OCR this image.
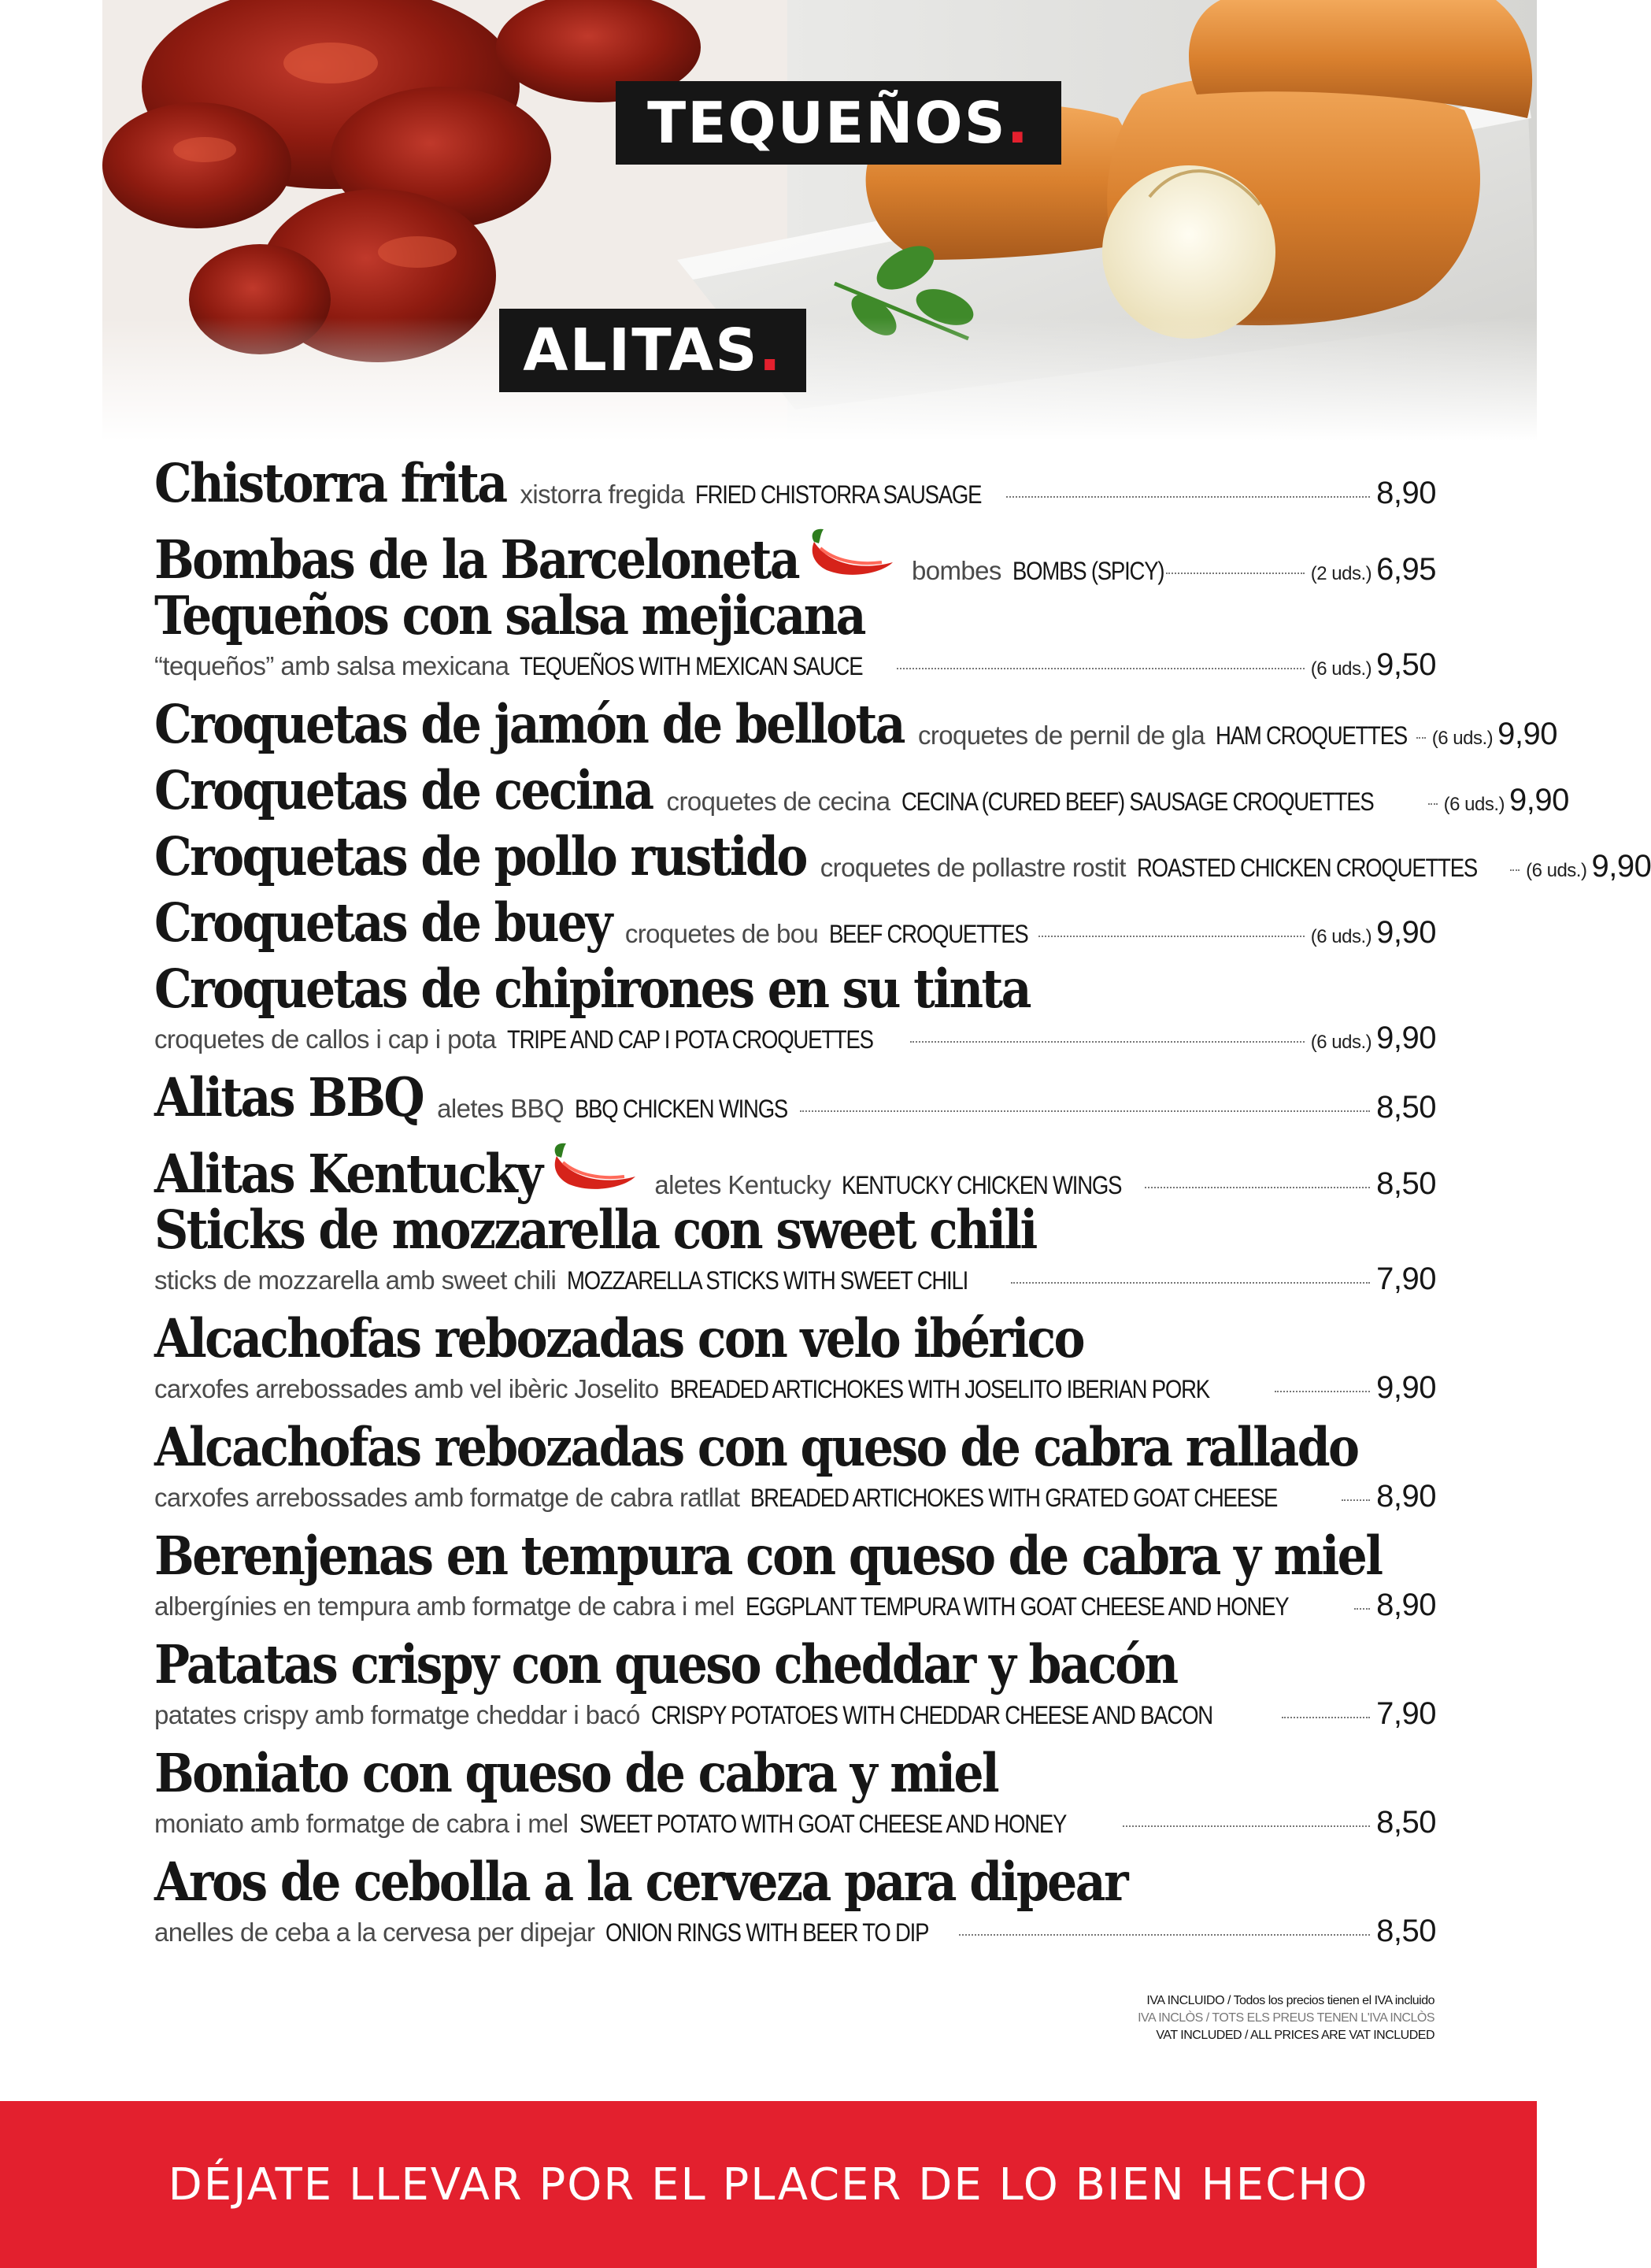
TEQUEÑOS .
ALITAS .
Chistorra frita xistorra fregida FRIED CHISTORRA SAUSAGE	8,90
Bombas de la Barceloneta	bombes BOMBS (SPICY)	(2 uds.) 6,95
Tequeños con salsa mejicana
“tequeños” amb salsa mexicana TEQUEÑOS WITH MEXICAN SAUCE	(6 uds.) 9,50
Croquetas de jamón de bellota croquetes de pernil de gla HAM CROQUETTES (6 uds.) 9,90
Croquetas de cecina croquetes de cecina CECINA (CURED BEEF) SAUSAGE CROQUETTES	(6 uds.) 9,90
Croquetas de pollo rustido croquetes de pollastre rostit ROASTED CHICKEN CROQUETTES	(6 uds.) 9,90
Croquetas de buey croquetes de bou BEEF CROQUETTES	(6 uds.) 9,90
Croquetas de chipirones en su tinta
croquetes de callos i cap i pota TRIPE AND CAP I POTA CROQUETTES	(6 uds.) 9,90
Alitas BBQ aletes BBQ BBQ CHICKEN WINGS	8,50
Alitas Kentucky	aletes Kentucky KENTUCKY CHICKEN WINGS	8,50
Sticks de mozzarella con sweet chili
sticks de mozzarella amb sweet chili MOZZARELLA STICKS WITH SWEET CHILI	7,90
Alcachofas rebozadas con velo ibérico
carxofes arrebossades amb vel ibèric Joselito BREADED ARTICHOKES WITH JOSELITO IBERIAN PORK	9,90
Alcachofas rebozadas con queso de cabra rallado
carxofes arrebossades amb formatge de cabra ratllat BREADED ARTICHOKES WITH GRATED GOAT CHEESE	8,90
Berenjenas en tempura con queso de cabra y miel
albergínies en tempura amb formatge de cabra i mel EGGPLANT TEMPURA WITH GOAT CHEESE AND HONEY	8,90
Patatas crispy con queso cheddar y bacón
patates crispy amb formatge cheddar i bacó CRISPY POTATOES WITH CHEDDAR CHEESE AND BACON	7,90
Boniato con queso de cabra y miel
moniato amb formatge de cabra i mel SWEET POTATO WITH GOAT CHEESE AND HONEY	8,50
Aros de cebolla a la cerveza para dipear
anelles de ceba a la cervesa per dipejar ONION RINGS WITH BEER TO DIP	8,50
IVA INCLUIDO / Todos los precios tienen el IVA incluido
IVA INCLÒS / TOTS ELS PREUS TENEN L'IVA INCLÒS
VAT INCLUDED / ALL PRICES ARE VAT INCLUDED
DÉJATE LLEVAR POR EL PLACER DE LO BIEN HECHO
